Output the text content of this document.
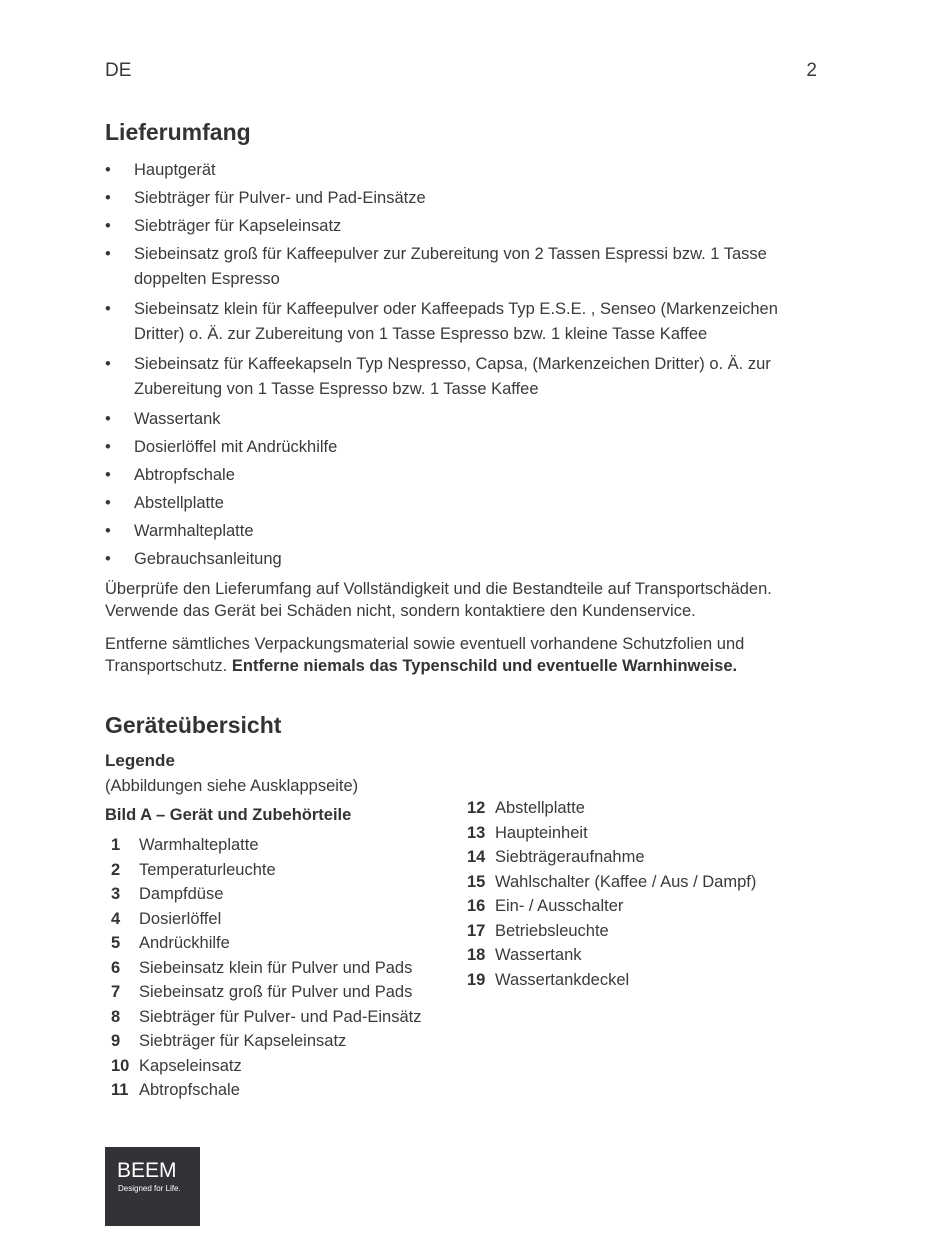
DE	2
Lieferumfang
• Hauptgerät
• Siebträger für Pulver- und Pad-Einsätze
• Siebträger für Kapseleinsatz
• Siebeinsatz groß für Kaffeepulver zur Zubereitung von 2 Tassen Espressi bzw. 1 Tasse doppelten Espresso
• Siebeinsatz klein für Kaffeepulver oder Kaffeepads Typ E.S.E. , Senseo (Markenzeichen Dritter) o. Ä. zur Zubereitung von 1 Tasse Espresso bzw. 1 kleine Tasse Kaffee
• Siebeinsatz für Kaffeekapseln Typ Nespresso, Capsa, (Markenzeichen Dritter) o. Ä. zur Zubereitung von 1 Tasse Espresso bzw. 1 Tasse Kaffee
• Wassertank
• Dosierlöffel mit Andrückhilfe
• Abtropfschale
• Abstellplatte
• Warmhalteplatte
• Gebrauchsanleitung

Überprüfe den Lieferumfang auf Vollständigkeit und die Bestandteile auf Transportschäden. Verwende das Gerät bei Schäden nicht, sondern kontaktiere den Kundenservice.

Entferne sämtliches Verpackungsmaterial sowie eventuell vorhandene Schutzfolien und Transportschutz. Entferne niemals das Typenschild und eventuelle Warnhinweise.

Geräteübersicht
Legende
(Abbildungen siehe Ausklappseite)
Bild A – Gerät und Zubehörteile
1 Warmhalteplatte
2 Temperaturleuchte
3 Dampfdüse
4 Dosierlöffel
5 Andrückhilfe
6 Siebeinsatz klein für Pulver und Pads
7 Siebeinsatz groß für Pulver und Pads
8 Siebträger für Pulver- und Pad-Einsätz
9 Siebträger für Kapseleinsatz
10 Kapseleinsatz
11 Abtropfschale
12 Abstellplatte
13 Haupteinheit
14 Siebträgeraufnahme
15 Wahlschalter (Kaffee / Aus / Dampf)
16 Ein- / Ausschalter
17 Betriebsleuchte
18 Wassertank
19 Wassertankdeckel
BEEM
Designed for Life.
